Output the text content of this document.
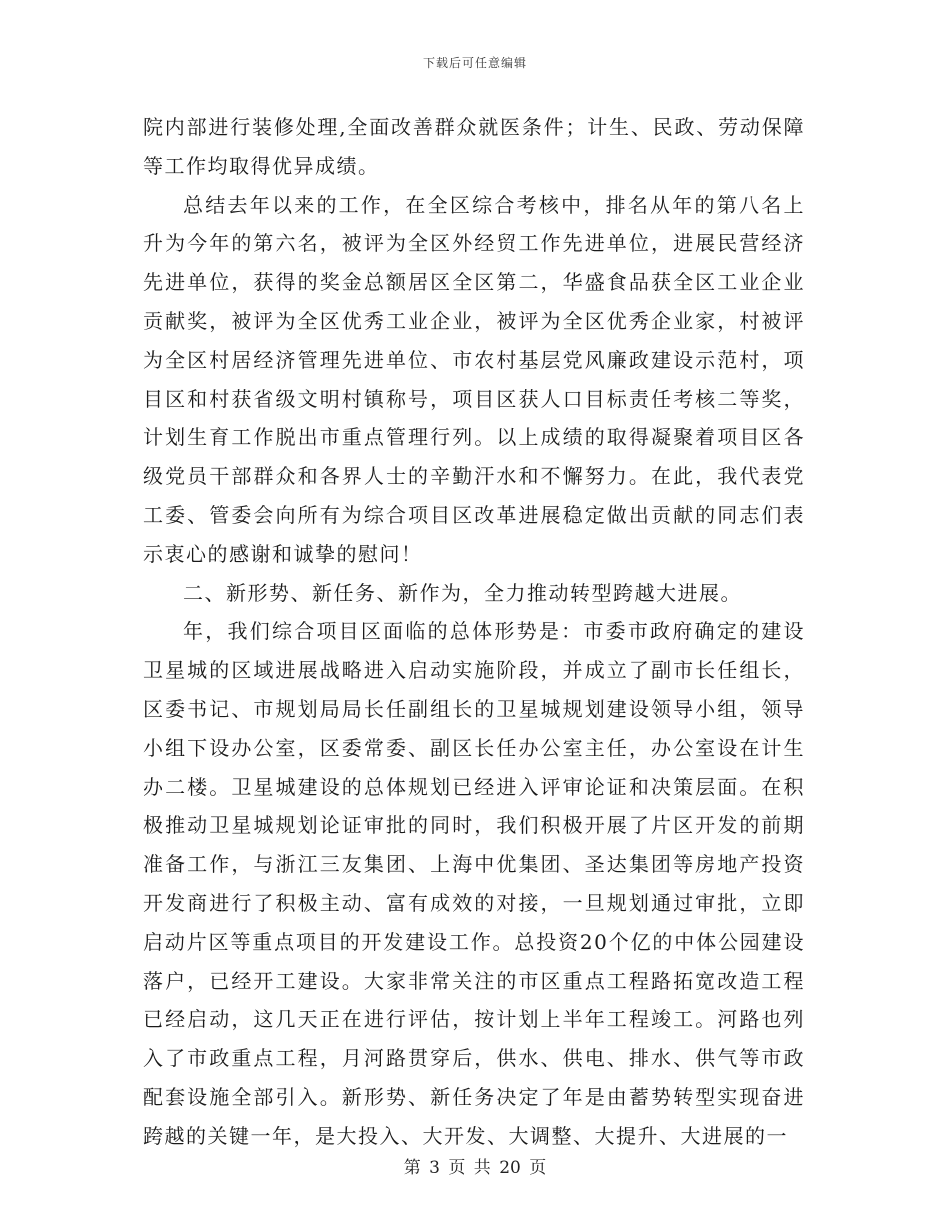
下载后可任意编辑

院内部进行装修处理,全面改善群众就医条件；计生、民政、劳动保障等工作均取得优异成绩。

总结去年以来的工作，在全区综合考核中，排名从年的第八名上升为今年的第六名，被评为全区外经贸工作先进单位，进展民营经济先进单位，获得的奖金总额居区全区第二，华盛食品获全区工业企业贡献奖，被评为全区优秀工业企业，被评为全区优秀企业家，村被评为全区村居经济管理先进单位、市农村基层党风廉政建设示范村，项目区和村获省级文明村镇称号，项目区获人口目标责任考核二等奖，计划生育工作脱出市重点管理行列。以上成绩的取得凝聚着项目区各级党员干部群众和各界人士的辛勤汗水和不懈努力。在此，我代表党工委、管委会向所有为综合项目区改革进展稳定做出贡献的同志们表示衷心的感谢和诚挚的慰问！

二、新形势、新任务、新作为，全力推动转型跨越大进展。

年，我们综合项目区面临的总体形势是：市委市政府确定的建设卫星城的区域进展战略进入启动实施阶段，并成立了副市长任组长，区委书记、市规划局局长任副组长的卫星城规划建设领导小组，领导小组下设办公室，区委常委、副区长任办公室主任，办公室设在计生办二楼。卫星城建设的总体规划已经进入评审论证和决策层面。在积极推动卫星城规划论证审批的同时，我们积极开展了片区开发的前期准备工作，与浙江三友集团、上海中优集团、圣达集团等房地产投资开发商进行了积极主动、富有成效的对接，一旦规划通过审批，立即启动片区等重点项目的开发建设工作。总投资20个亿的中体公园建设落户，已经开工建设。大家非常关注的市区重点工程路拓宽改造工程已经启动，这几天正在进行评估，按计划上半年工程竣工。河路也列入了市政重点工程，月河路贯穿后，供水、供电、排水、供气等市政配套设施全部引入。新形势、新任务决定了年是由蓄势转型实现奋进跨越的关键一年，是大投入、大开发、大调整、大提升、大进展的一

第 3 页 共 20 页
